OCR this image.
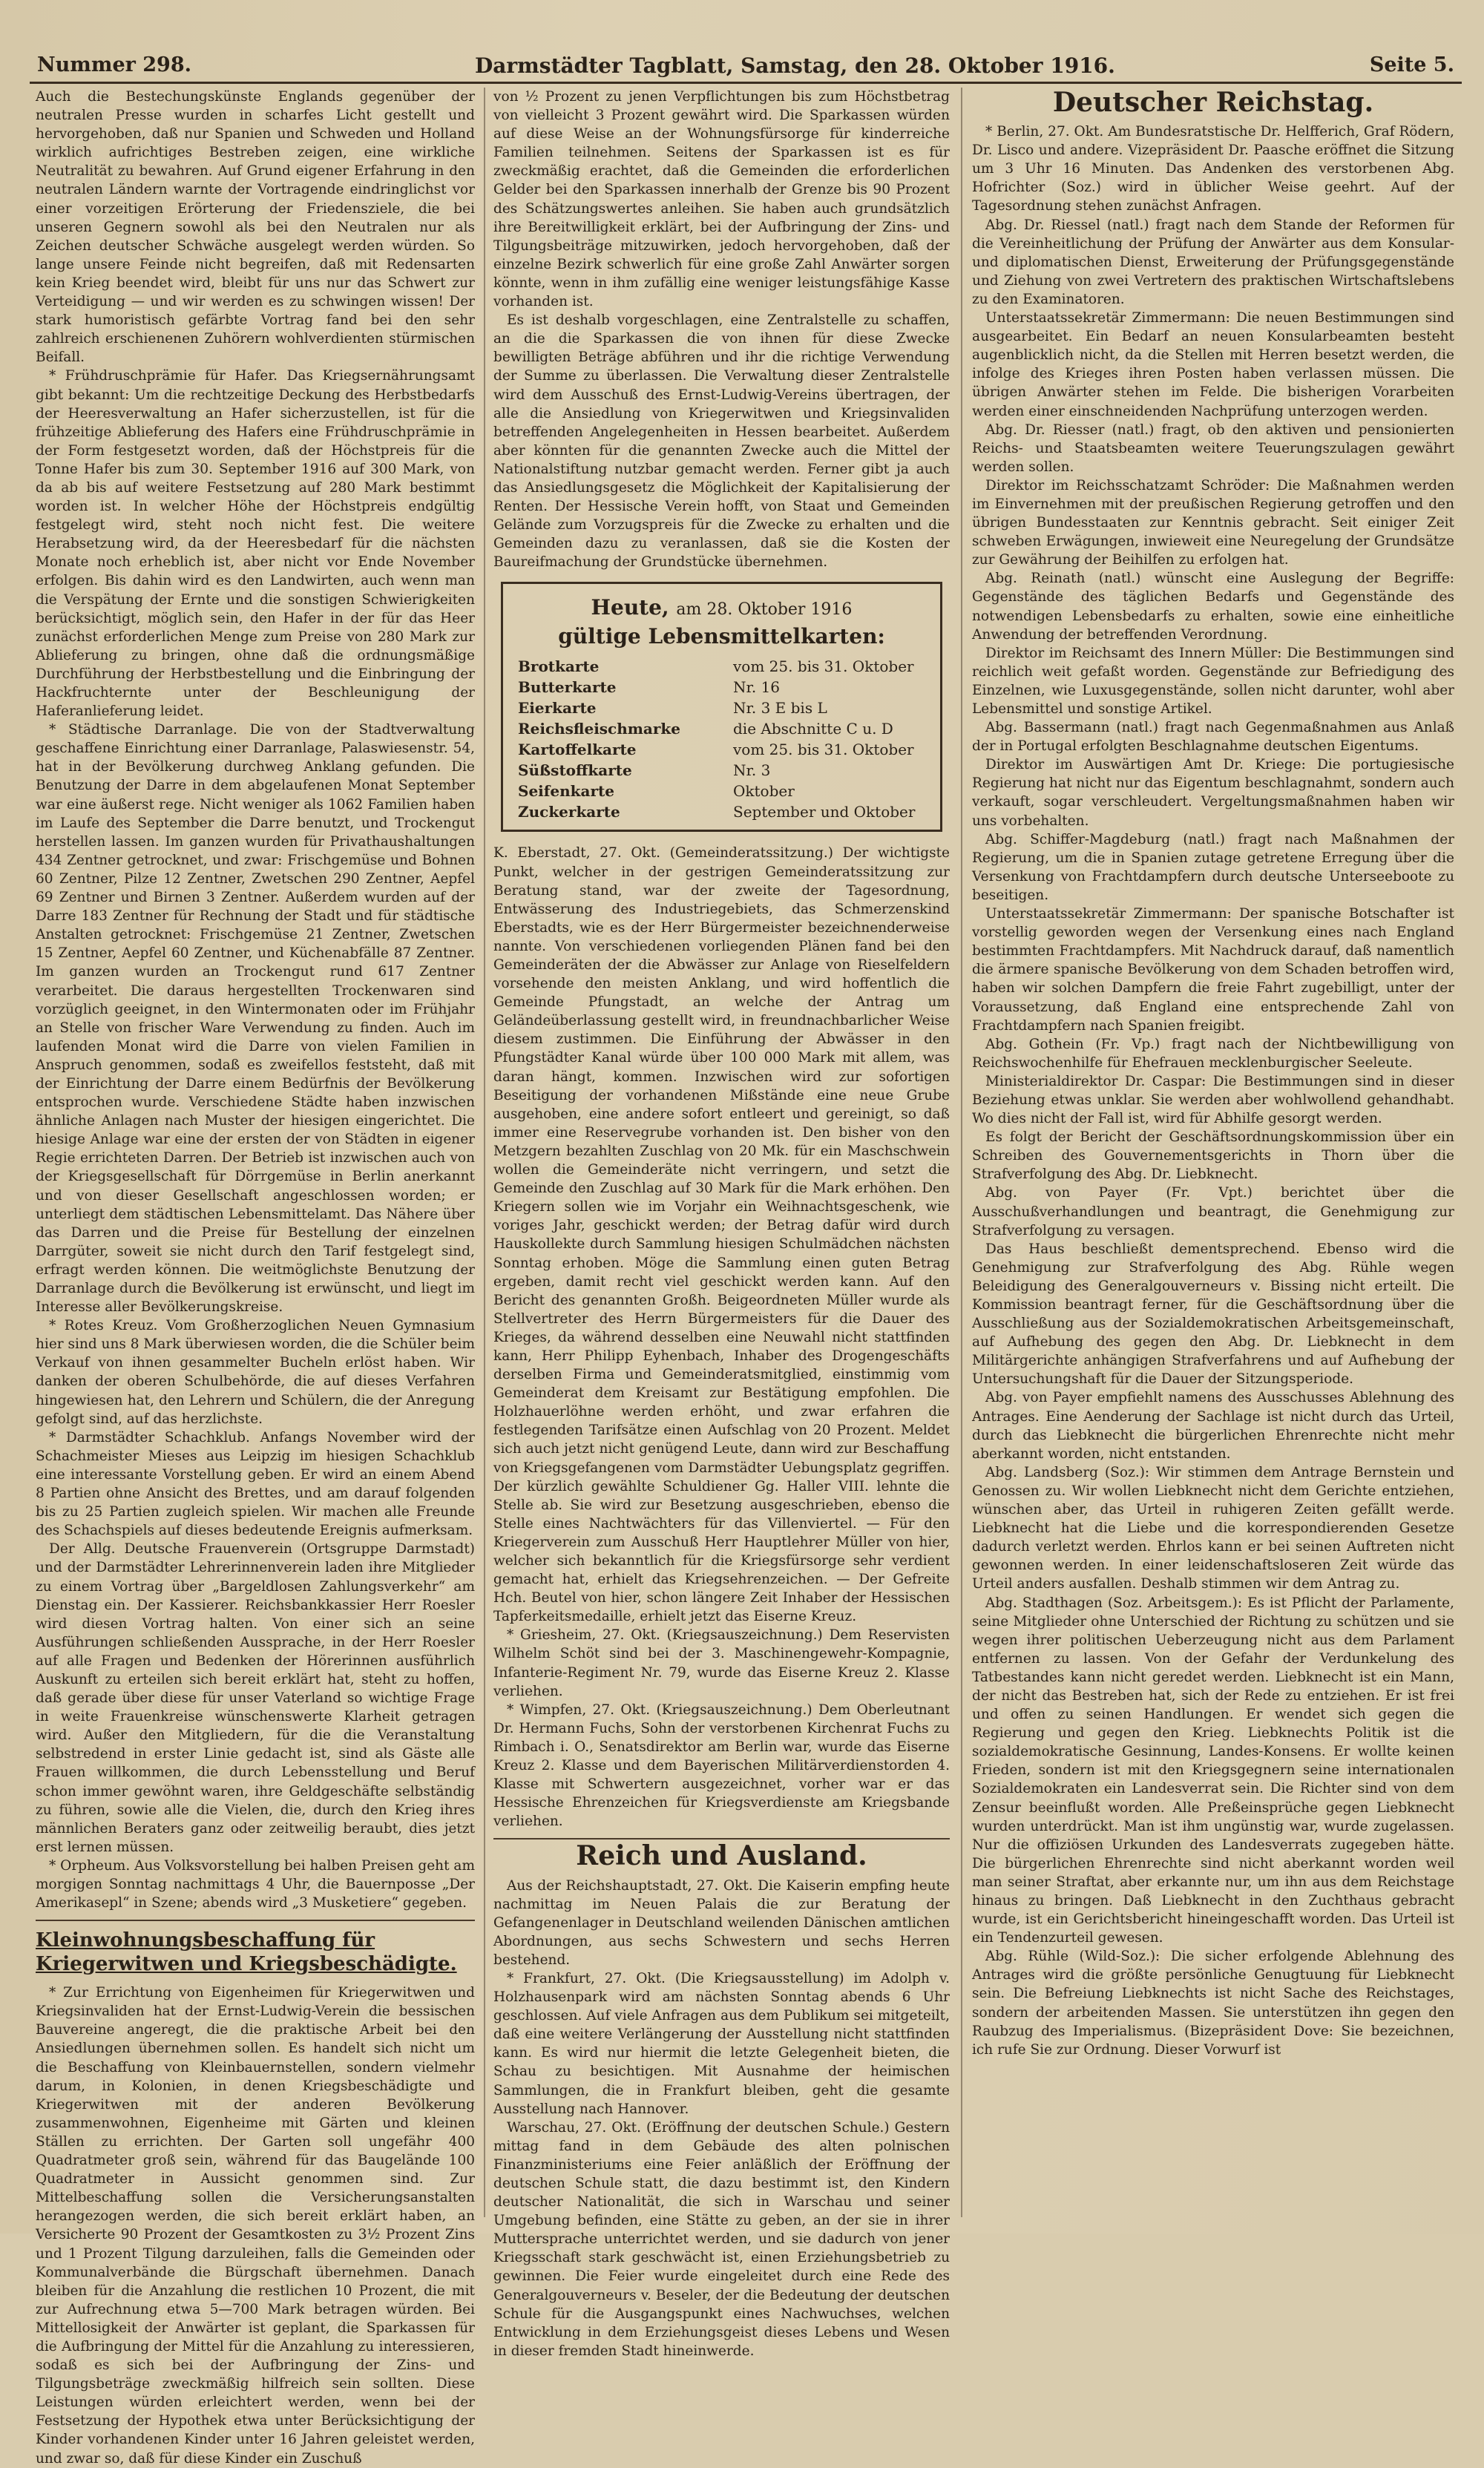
Nummer 298.	Darmstädter Tagblatt, Samstag, den 28. Oktober 1916.	Seite 5.

Auch die Bestechungskünste Englands gegenüber der neutralen Presse wurden in scharfes Licht gestellt und hervorgehoben, daß nur Spanien und Schweden und Holland wirklich aufrichtiges Bestreben zeigen, eine wirkliche Neutralität zu bewahren. Auf Grund eigener Erfahrung in den neutralen Ländern warnte der Vortragende eindringlichst vor einer vorzeitigen Erörterung der Friedensziele, die bei unseren Gegnern sowohl als bei den Neutralen nur als Zeichen deutscher Schwäche ausgelegt werden würden. So lange unsere Feinde nicht begreifen, daß mit Redensarten kein Krieg beendet wird, bleibt für uns nur das Schwert zur Verteidigung — und wir werden es zu schwingen wissen! Der stark humoristisch gefärbte Vortrag fand bei den sehr zahlreich erschienenen Zuhörern wohlverdienten stürmischen Beifall.

* Frühdruschprämie für Hafer. Das Kriegsernährungsamt gibt bekannt: Um die rechtzeitige Deckung des Herbstbedarfs der Heeresverwaltung an Hafer sicherzustellen, ist für die frühzeitige Ablieferung des Hafers eine Frühdruschprämie in der Form festgesetzt worden, daß der Höchstpreis für die Tonne Hafer bis zum 30. September 1916 auf 300 Mark, von da ab bis auf weitere Festsetzung auf 280 Mark bestimmt worden ist. In welcher Höhe der Höchstpreis endgültig festgelegt wird, steht noch nicht fest. Die weitere Herabsetzung wird, da der Heeresbedarf für die nächsten Monate noch erheblich ist, aber nicht vor Ende November erfolgen. Bis dahin wird es den Landwirten, auch wenn man die Verspätung der Ernte und die sonstigen Schwierigkeiten berücksichtigt, möglich sein, den Hafer in der für das Heer zunächst erforderlichen Menge zum Preise von 280 Mark zur Ablieferung zu bringen, ohne daß die ordnungsmäßige Durchführung der Herbstbestellung und die Einbringung der Hackfruchternte unter der Beschleunigung der Haferanlieferung leidet.

* Städtische Darranlage. Die von der Stadtverwaltung geschaffene Einrichtung einer Darranlage, Palaswiesenstr. 54, hat in der Bevölkerung durchweg Anklang gefunden. Die Benutzung der Darre in dem abgelaufenen Monat September war eine äußerst rege. Nicht weniger als 1062 Familien haben im Laufe des September die Darre benutzt, und Trockengut herstellen lassen. Im ganzen wurden für Privathaushaltungen 434 Zentner getrocknet, und zwar: Frischgemüse und Bohnen 60 Zentner, Pilze 12 Zentner, Zwetschen 290 Zentner, Aepfel 69 Zentner und Birnen 3 Zentner. Außerdem wurden auf der Darre 183 Zentner für Rechnung der Stadt und für städtische Anstalten getrocknet: Frischgemüse 21 Zentner, Zwetschen 15 Zentner, Aepfel 60 Zentner, und Küchenabfälle 87 Zentner. Im ganzen wurden an Trockengut rund 617 Zentner verarbeitet. Die daraus hergestellten Trockenwaren sind vorzüglich geeignet, in den Wintermonaten oder im Frühjahr an Stelle von frischer Ware Verwendung zu finden. Auch im laufenden Monat wird die Darre von vielen Familien in Anspruch genommen, sodaß es zweifellos feststeht, daß mit der Einrichtung der Darre einem Bedürfnis der Bevölkerung entsprochen wurde. Verschiedene Städte haben inzwischen ähnliche Anlagen nach Muster der hiesigen eingerichtet. Die hiesige Anlage war eine der ersten der von Städten in eigener Regie errichteten Darren. Der Betrieb ist inzwischen auch von der Kriegsgesellschaft für Dörrgemüse in Berlin anerkannt und von dieser Gesellschaft angeschlossen worden; er unterliegt dem städtischen Lebensmittelamt. Das Nähere über das Darren und die Preise für Bestellung der einzelnen Darrgüter, soweit sie nicht durch den Tarif festgelegt sind, erfragt werden können. Die weitmöglichste Benutzung der Darranlage durch die Bevölkerung ist erwünscht, und liegt im Interesse aller Bevölkerungskreise.

* Rotes Kreuz. Vom Großherzoglichen Neuen Gymnasium hier sind uns 8 Mark überwiesen worden, die die Schüler beim Verkauf von ihnen gesammelter Bucheln erlöst haben. Wir danken der oberen Schulbehörde, die auf dieses Verfahren hingewiesen hat, den Lehrern und Schülern, die der Anregung gefolgt sind, auf das herzlichste.

* Darmstädter Schachklub. Anfangs November wird der Schachmeister Mieses aus Leipzig im hiesigen Schachklub eine interessante Vorstellung geben. Er wird an einem Abend 8 Partien ohne Ansicht des Brettes, und am darauf folgenden bis zu 25 Partien zugleich spielen. Wir machen alle Freunde des Schachspiels auf dieses bedeutende Ereignis aufmerksam.

Der Allg. Deutsche Frauenverein (Ortsgruppe Darmstadt) und der Darmstädter Lehrerinnenverein laden ihre Mitglieder zu einem Vortrag über „Bargeldlosen Zahlungsverkehr“ am Dienstag ein. Der Kassierer. Reichsbankkassier Herr Roesler wird diesen Vortrag halten. Von einer sich an seine Ausführungen schließenden Aussprache, in der Herr Roesler auf alle Fragen und Bedenken der Hörerinnen ausführlich Auskunft zu erteilen sich bereit erklärt hat, steht zu hoffen, daß gerade über diese für unser Vaterland so wichtige Frage in weite Frauenkreise wünschenswerte Klarheit getragen wird. Außer den Mitgliedern, für die die Veranstaltung selbstredend in erster Linie gedacht ist, sind als Gäste alle Frauen willkommen, die durch Lebensstellung und Beruf schon immer gewöhnt waren, ihre Geldgeschäfte selbständig zu führen, sowie alle die Vielen, die, durch den Krieg ihres männlichen Beraters ganz oder zeitweilig beraubt, dies jetzt erst lernen müssen.

* Orpheum. Aus Volksvorstellung bei halben Preisen geht am morgigen Sonntag nachmittags 4 Uhr, die Bauernposse „Der Amerikasepl“ in Szene; abends wird „3 Musketiere“ gegeben.

Kleinwohnungsbeschaffung für Kriegerwitwen und Kriegsbeschädigte.

* Zur Errichtung von Eigenheimen für Kriegerwitwen und Kriegsinvaliden hat der Ernst-Ludwig-Verein die bessischen Bauvereine angeregt, die die praktische Arbeit bei den Ansiedlungen übernehmen sollen. Es handelt sich nicht um die Beschaffung von Kleinbauernstellen, sondern vielmehr darum, in Kolonien, in denen Kriegsbeschädigte und Kriegerwitwen mit der anderen Bevölkerung zusammenwohnen, Eigenheime mit Gärten und kleinen Ställen zu errichten. Der Garten soll ungefähr 400 Quadratmeter groß sein, während für das Baugelände 100 Quadratmeter in Aussicht genommen sind. Zur Mittelbeschaffung sollen die Versicherungsanstalten herangezogen werden, die sich bereit erklärt haben, an Versicherte 90 Prozent der Gesamtkosten zu 3½ Prozent Zins und 1 Prozent Tilgung darzuleihen, falls die Gemeinden oder Kommunalverbände die Bürgschaft übernehmen. Danach bleiben für die Anzahlung die restlichen 10 Prozent, die mit zur Aufrechnung etwa 5—700 Mark betragen würden. Bei Mittellosigkeit der Anwärter ist geplant, die Sparkassen für die Aufbringung der Mittel für die Anzahlung zu interessieren, sodaß es sich bei der Aufbringung der Zins- und Tilgungsbeträge zweckmäßig hilfreich sein sollten. Diese Leistungen würden erleichtert werden, wenn bei der Festsetzung der Hypothek etwa unter Berücksichtigung der Kinder vorhandenen Kinder unter 16 Jahren geleistet werden, und zwar so, daß für diese Kinder ein Zuschuß

von ½ Prozent zu jenen Verpflichtungen bis zum Höchstbetrag von vielleicht 3 Prozent gewährt wird. Die Sparkassen würden auf diese Weise an der Wohnungsfürsorge für kinderreiche Familien teilnehmen. Seitens der Sparkassen ist es für zweckmäßig erachtet, daß die Gemeinden die erforderlichen Gelder bei den Sparkassen innerhalb der Grenze bis 90 Prozent des Schätzungswertes anleihen. Sie haben auch grundsätzlich ihre Bereitwilligkeit erklärt, bei der Aufbringung der Zins- und Tilgungsbeiträge mitzuwirken, jedoch hervorgehoben, daß der einzelne Bezirk schwerlich für eine große Zahl Anwärter sorgen könnte, wenn in ihm zufällig eine weniger leistungsfähige Kasse vorhanden ist.

Es ist deshalb vorgeschlagen, eine Zentralstelle zu schaffen, an die die Sparkassen die von ihnen für diese Zwecke bewilligten Beträge abführen und ihr die richtige Verwendung der Summe zu überlassen. Die Verwaltung dieser Zentralstelle wird dem Ausschuß des Ernst-Ludwig-Vereins übertragen, der alle die Ansiedlung von Kriegerwitwen und Kriegsinvaliden betreffenden Angelegenheiten in Hessen bearbeitet. Außerdem aber könnten für die genannten Zwecke auch die Mittel der Nationalstiftung nutzbar gemacht werden. Ferner gibt ja auch das Ansiedlungsgesetz die Möglichkeit der Kapitalisierung der Renten. Der Hessische Verein hofft, von Staat und Gemeinden Gelände zum Vorzugspreis für die Zwecke zu erhalten und die Gemeinden dazu zu veranlassen, daß sie die Kosten der Baureifmachung der Grundstücke übernehmen.

Heute, am 28. Oktober 1916
gültige Lebensmittelkarten:
Brotkarte	vom 25. bis 31. Oktober
Butterkarte	Nr. 16
Eierkarte	Nr. 3 E bis L
Reichsfleischmarke	die Abschnitte C u. D
Kartoffelkarte	vom 25. bis 31. Oktober
Süßstoffkarte	Nr. 3
Seifenkarte	Oktober
Zuckerkarte	September und Oktober

K. Eberstadt, 27. Okt. (Gemeinderatssitzung.) Der wichtigste Punkt, welcher in der gestrigen Gemeinderatssitzung zur Beratung stand, war der zweite der Tagesordnung, Entwässerung des Industriegebiets, das Schmerzenskind Eberstadts, wie es der Herr Bürgermeister bezeichnenderweise nannte. Von verschiedenen vorliegenden Plänen fand bei den Gemeinderäten der die Abwässer zur Anlage von Rieselfeldern vorsehende den meisten Anklang, und wird hoffentlich die Gemeinde Pfungstadt, an welche der Antrag um Geländeüberlassung gestellt wird, in freundnachbarlicher Weise diesem zustimmen. Die Einführung der Abwässer in den Pfungstädter Kanal würde über 100 000 Mark mit allem, was daran hängt, kommen. Inzwischen wird zur sofortigen Beseitigung der vorhandenen Mißstände eine neue Grube ausgehoben, eine andere sofort entleert und gereinigt, so daß immer eine Reservegrube vorhanden ist. Den bisher von den Metzgern bezahlten Zuschlag von 20 Mk. für ein Maschschwein wollen die Gemeinderäte nicht verringern, und setzt die Gemeinde den Zuschlag auf 30 Mark für die Mark erhöhen. Den Kriegern sollen wie im Vorjahr ein Weihnachtsgeschenk, wie voriges Jahr, geschickt werden; der Betrag dafür wird durch Hauskollekte durch Sammlung hiesigen Schulmädchen nächsten Sonntag erhoben. Möge die Sammlung einen guten Betrag ergeben, damit recht viel geschickt werden kann. Auf den Bericht des genannten Großh. Beigeordneten Müller wurde als Stellvertreter des Herrn Bürgermeisters für die Dauer des Krieges, da während desselben eine Neuwahl nicht stattfinden kann, Herr Philipp Eyhenbach, Inhaber des Drogengeschäfts derselben Firma und Gemeinderatsmitglied, einstimmig vom Gemeinderat dem Kreisamt zur Bestätigung empfohlen. Die Holzhauerlöhne werden erhöht, und zwar erfahren die festlegenden Tarifsätze einen Aufschlag von 20 Prozent. Meldet sich auch jetzt nicht genügend Leute, dann wird zur Beschaffung von Kriegsgefangenen vom Darmstädter Uebungsplatz gegriffen. Der kürzlich gewählte Schuldiener Gg. Haller VIII. lehnte die Stelle ab. Sie wird zur Besetzung ausgeschrieben, ebenso die Stelle eines Nachtwächters für das Villenviertel. — Für den Kriegerverein zum Ausschuß Herr Hauptlehrer Müller von hier, welcher sich bekanntlich für die Kriegsfürsorge sehr verdient gemacht hat, erhielt das Kriegsehrenzeichen. — Der Gefreite Hch. Beutel von hier, schon längere Zeit Inhaber der Hessischen Tapferkeitsmedaille, erhielt jetzt das Eiserne Kreuz.

* Griesheim, 27. Okt. (Kriegsauszeichnung.) Dem Reservisten Wilhelm Schöt sind bei der 3. Maschinengewehr-Kompagnie, Infanterie-Regiment Nr. 79, wurde das Eiserne Kreuz 2. Klasse verliehen.

* Wimpfen, 27. Okt. (Kriegsauszeichnung.) Dem Oberleutnant Dr. Hermann Fuchs, Sohn der verstorbenen Kirchenrat Fuchs zu Rimbach i. O., Senatsdirektor am Berlin war, wurde das Eiserne Kreuz 2. Klasse und dem Bayerischen Militärverdienstorden 4. Klasse mit Schwertern ausgezeichnet, vorher war er das Hessische Ehrenzeichen für Kriegsverdienste am Kriegsbande verliehen.

Reich und Ausland.

Aus der Reichshauptstadt, 27. Okt. Die Kaiserin empfing heute nachmittag im Neuen Palais die zur Beratung der Gefangenenlager in Deutschland weilenden Dänischen amtlichen Abordnungen, aus sechs Schwestern und sechs Herren bestehend.

* Frankfurt, 27. Okt. (Die Kriegsausstellung) im Adolph v. Holzhausenpark wird am nächsten Sonntag abends 6 Uhr geschlossen. Auf viele Anfragen aus dem Publikum sei mitgeteilt, daß eine weitere Verlängerung der Ausstellung nicht stattfinden kann. Es wird nur hiermit die letzte Gelegenheit bieten, die Schau zu besichtigen. Mit Ausnahme der heimischen Sammlungen, die in Frankfurt bleiben, geht die gesamte Ausstellung nach Hannover.

Warschau, 27. Okt. (Eröffnung der deutschen Schule.) Gestern mittag fand in dem Gebäude des alten polnischen Finanzministeriums eine Feier anläßlich der Eröffnung der deutschen Schule statt, die dazu bestimmt ist, den Kindern deutscher Nationalität, die sich in Warschau und seiner Umgebung befinden, eine Stätte zu geben, an der sie in ihrer Muttersprache unterrichtet werden, und sie dadurch von jener Kriegsschaft stark geschwächt ist, einen Erziehungsbetrieb zu gewinnen. Die Feier wurde eingeleitet durch eine Rede des Generalgouverneurs v. Beseler, der die Bedeutung der deutschen Schule für die Ausgangspunkt eines Nachwuchses, welchen Entwicklung in dem Erziehungsgeist dieses Lebens und Wesen in dieser fremden Stadt hineinwerde.

Deutscher Reichstag.

* Berlin, 27. Okt. Am Bundesratstische Dr. Helfferich, Graf Rödern, Dr. Lisco und andere. Vizepräsident Dr. Paasche eröffnet die Sitzung um 3 Uhr 16 Minuten. Das Andenken des verstorbenen Abg. Hofrichter (Soz.) wird in üblicher Weise geehrt. Auf der Tagesordnung stehen zunächst Anfragen.

Abg. Dr. Riessel (natl.) fragt nach dem Stande der Reformen für die Vereinheitlichung der Prüfung der Anwärter aus dem Konsular- und diplomatischen Dienst, Erweiterung der Prüfungsgegenstände und Ziehung von zwei Vertretern des praktischen Wirtschaftslebens zu den Examinatoren.

Unterstaatssekretär Zimmermann: Die neuen Bestimmungen sind ausgearbeitet. Ein Bedarf an neuen Konsularbeamten besteht augenblicklich nicht, da die Stellen mit Herren besetzt werden, die infolge des Krieges ihren Posten haben verlassen müssen. Die übrigen Anwärter stehen im Felde. Die bisherigen Vorarbeiten werden einer einschneidenden Nachprüfung unterzogen werden.

Abg. Dr. Riesser (natl.) fragt, ob den aktiven und pensionierten Reichs- und Staatsbeamten weitere Teuerungszulagen gewährt werden sollen.

Direktor im Reichsschatzamt Schröder: Die Maßnahmen werden im Einvernehmen mit der preußischen Regierung getroffen und den übrigen Bundesstaaten zur Kenntnis gebracht. Seit einiger Zeit schweben Erwägungen, inwieweit eine Neuregelung der Grundsätze zur Gewährung der Beihilfen zu erfolgen hat.

Abg. Reinath (natl.) wünscht eine Auslegung der Begriffe: Gegenstände des täglichen Bedarfs und Gegenstände des notwendigen Lebensbedarfs zu erhalten, sowie eine einheitliche Anwendung der betreffenden Verordnung.

Direktor im Reichsamt des Innern Müller: Die Bestimmungen sind reichlich weit gefaßt worden. Gegenstände zur Befriedigung des Einzelnen, wie Luxusgegenstände, sollen nicht darunter, wohl aber Lebensmittel und sonstige Artikel.

Abg. Bassermann (natl.) fragt nach Gegenmaßnahmen aus Anlaß der in Portugal erfolgten Beschlagnahme deutschen Eigentums.

Direktor im Auswärtigen Amt Dr. Kriege: Die portugiesische Regierung hat nicht nur das Eigentum beschlagnahmt, sondern auch verkauft, sogar verschleudert. Vergeltungsmaßnahmen haben wir uns vorbehalten.

Abg. Schiffer-Magdeburg (natl.) fragt nach Maßnahmen der Regierung, um die in Spanien zutage getretene Erregung über die Versenkung von Frachtdampfern durch deutsche Unterseeboote zu beseitigen.

Unterstaatssekretär Zimmermann: Der spanische Botschafter ist vorstellig geworden wegen der Versenkung eines nach England bestimmten Frachtdampfers. Mit Nachdruck darauf, daß namentlich die ärmere spanische Bevölkerung von dem Schaden betroffen wird, haben wir solchen Dampfern die freie Fahrt zugebilligt, unter der Voraussetzung, daß England eine entsprechende Zahl von Frachtdampfern nach Spanien freigibt.

Abg. Gothein (Fr. Vp.) fragt nach der Nichtbewilligung von Reichswochenhilfe für Ehefrauen mecklenburgischer Seeleute.

Ministerialdirektor Dr. Caspar: Die Bestimmungen sind in dieser Beziehung etwas unklar. Sie werden aber wohlwollend gehandhabt. Wo dies nicht der Fall ist, wird für Abhilfe gesorgt werden.

Es folgt der Bericht der Geschäftsordnungskommission über ein Schreiben des Gouvernementsgerichts in Thorn über die Strafverfolgung des Abg. Dr. Liebknecht.

Abg. von Payer (Fr. Vpt.) berichtet über die Ausschußverhandlungen und beantragt, die Genehmigung zur Strafverfolgung zu versagen.

Das Haus beschließt dementsprechend. Ebenso wird die Genehmigung zur Strafverfolgung des Abg. Rühle wegen Beleidigung des Generalgouverneurs v. Bissing nicht erteilt. Die Kommission beantragt ferner, für die Geschäftsordnung über die Ausschließung aus der Sozialdemokratischen Arbeitsgemeinschaft, auf Aufhebung des gegen den Abg. Dr. Liebknecht in dem Militärgerichte anhängigen Strafverfahrens und auf Aufhebung der Untersuchungshaft für die Dauer der Sitzungsperiode.

Abg. von Payer empfiehlt namens des Ausschusses Ablehnung des Antrages. Eine Aenderung der Sachlage ist nicht durch das Urteil, durch das Liebknecht die bürgerlichen Ehrenrechte nicht mehr aberkannt worden, nicht entstanden.

Abg. Landsberg (Soz.): Wir stimmen dem Antrage Bernstein und Genossen zu. Wir wollen Liebknecht nicht dem Gerichte entziehen, wünschen aber, das Urteil in ruhigeren Zeiten gefällt werde. Liebknecht hat die Liebe und die korrespondierenden Gesetze dadurch verletzt werden. Ehrlos kann er bei seinen Auftreten nicht gewonnen werden. In einer leidenschaftsloseren Zeit würde das Urteil anders ausfallen. Deshalb stimmen wir dem Antrag zu.

Abg. Stadthagen (Soz. Arbeitsgem.): Es ist Pflicht der Parlamente, seine Mitglieder ohne Unterschied der Richtung zu schützen und sie wegen ihrer politischen Ueberzeugung nicht aus dem Parlament entfernen zu lassen. Von der Gefahr der Verdunkelung des Tatbestandes kann nicht geredet werden. Liebknecht ist ein Mann, der nicht das Bestreben hat, sich der Rede zu entziehen. Er ist frei und offen zu seinen Handlungen. Er wendet sich gegen die Regierung und gegen den Krieg. Liebknechts Politik ist die sozialdemokratische Gesinnung, Landes-Konsens. Er wollte keinen Frieden, sondern ist mit den Kriegsgegnern seine internationalen Sozialdemokraten ein Landesverrat sein. Die Richter sind von dem Zensur beeinflußt worden. Alle Preßeinsprüche gegen Liebknecht wurden unterdrückt. Man ist ihm ungünstig war, wurde zugelassen. Nur die offiziösen Urkunden des Landesverrats zugegeben hätte. Die bürgerlichen Ehrenrechte sind nicht aberkannt worden weil man seiner Straftat, aber erkannte nur, um ihn aus dem Reichstage hinaus zu bringen. Daß Liebknecht in den Zuchthaus gebracht wurde, ist ein Gerichtsbericht hineingeschafft worden. Das Urteil ist ein Tendenzurteil gewesen.

Abg. Rühle (Wild-Soz.): Die sicher erfolgende Ablehnung des Antrages wird die größte persönliche Genugtuung für Liebknecht sein. Die Befreiung Liebknechts ist nicht Sache des Reichstages, sondern der arbeitenden Massen. Sie unterstützen ihn gegen den Raubzug des Imperialismus. (Bizepräsident Dove: Sie bezeichnen, ich rufe Sie zur Ordnung. Dieser Vorwurf ist
